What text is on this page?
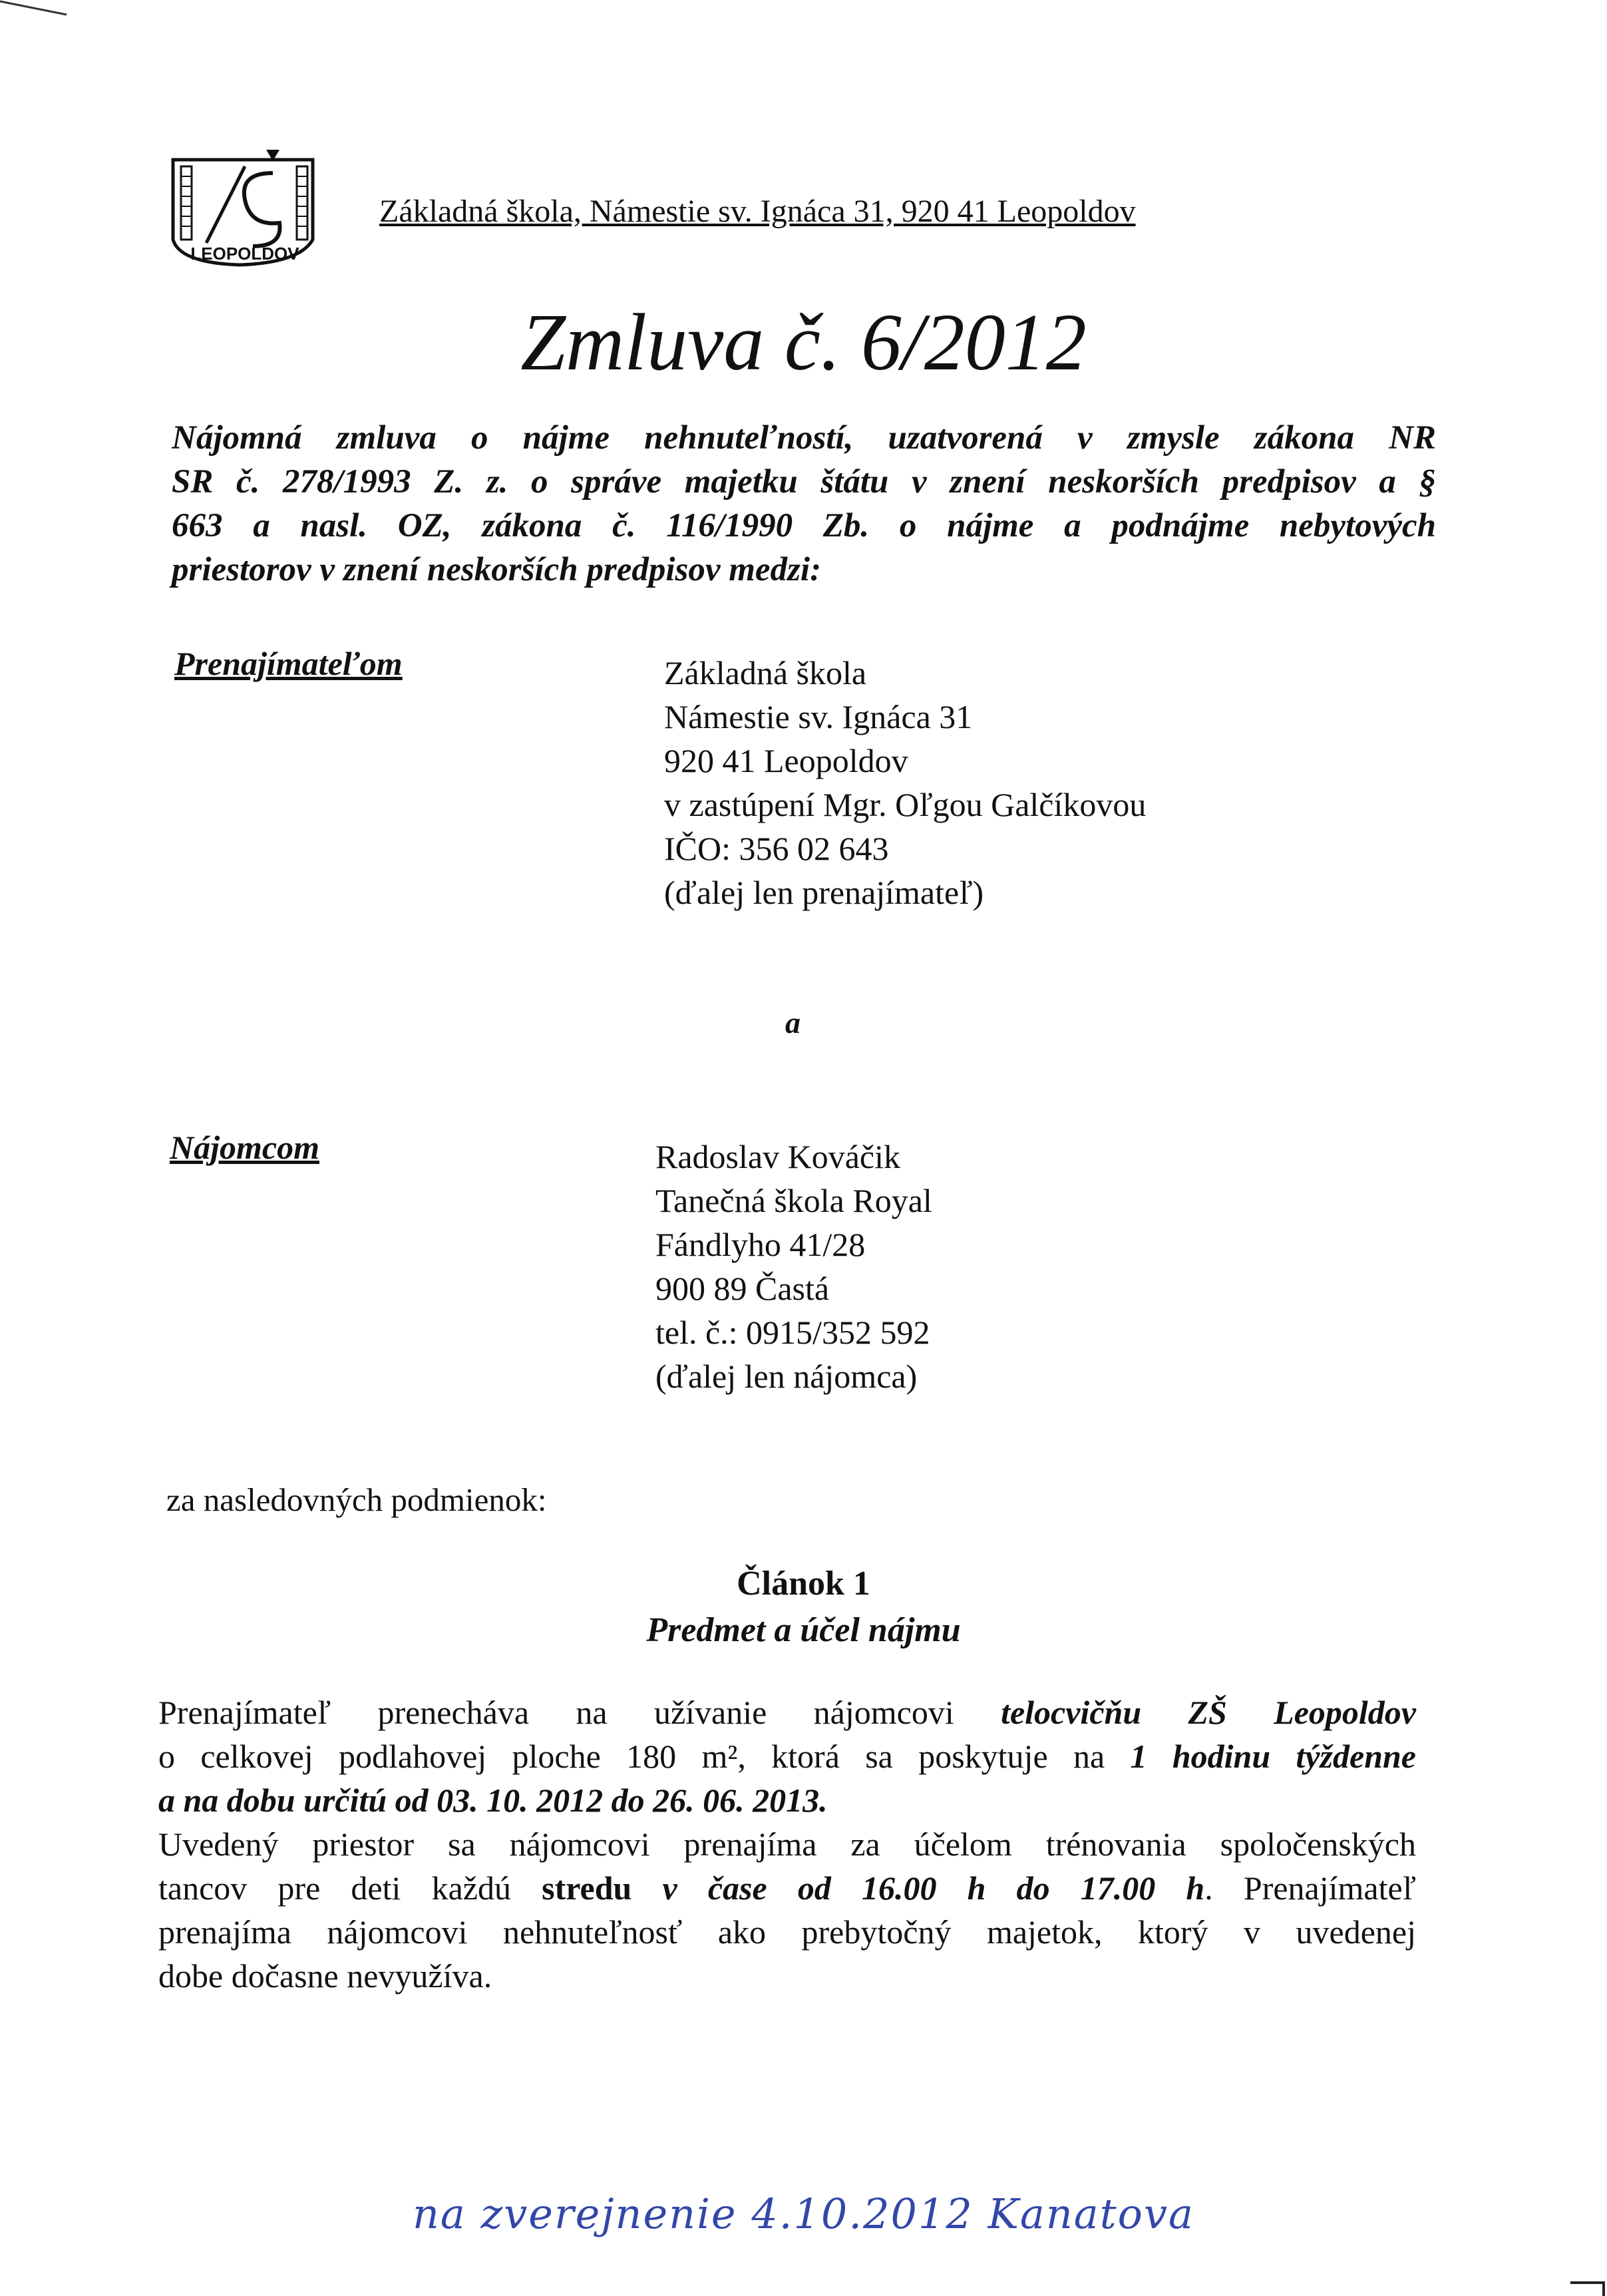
LEOPOLDOV
Základná škola, Námestie sv. Ignáca 31, 920 41 Leopoldov
Zmluva č. 6/2012
Nájomná zmluva o nájme nehnuteľností, uzatvorená v zmysle zákona NR
SR č. 278/1993 Z. z. o správe majetku štátu v znení neskorších predpisov a §
663 a nasl. OZ, zákona č. 116/1990 Zb. o nájme a podnájme nebytových
priestorov v znení neskorších predpisov medzi:
Prenajímateľom	Základná škola
Námestie sv. Ignáca 31
920 41 Leopoldov
v zastúpení Mgr. Oľgou Galčíkovou
IČO: 356 02 643
(ďalej len prenajímateľ)
a
Nájomcom	Radoslav Kováčik
Tanečná škola Royal
Fándlyho 41/28
900 89 Častá
tel. č.: 0915/352 592
(ďalej len nájomca)
za nasledovných podmienok:
Článok 1
Predmet a účel nájmu
Prenajímateľ prenecháva na užívanie nájomcovi telocvičňu ZŠ Leopoldov
o celkovej podlahovej ploche 180 m², ktorá sa poskytuje na 1 hodinu týždenne
a na dobu určitú od 03. 10. 2012 do 26. 06. 2013.
Uvedený priestor sa nájomcovi prenajíma za účelom trénovania spoločenských
tancov pre deti každú stredu v čase od 16.00 h do 17.00 h. Prenajímateľ
prenajíma nájomcovi nehnuteľnosť ako prebytočný majetok, ktorý v uvedenej
dobe dočasne nevyužíva.
na zverejnenie 4.10.2012 Kanatova
